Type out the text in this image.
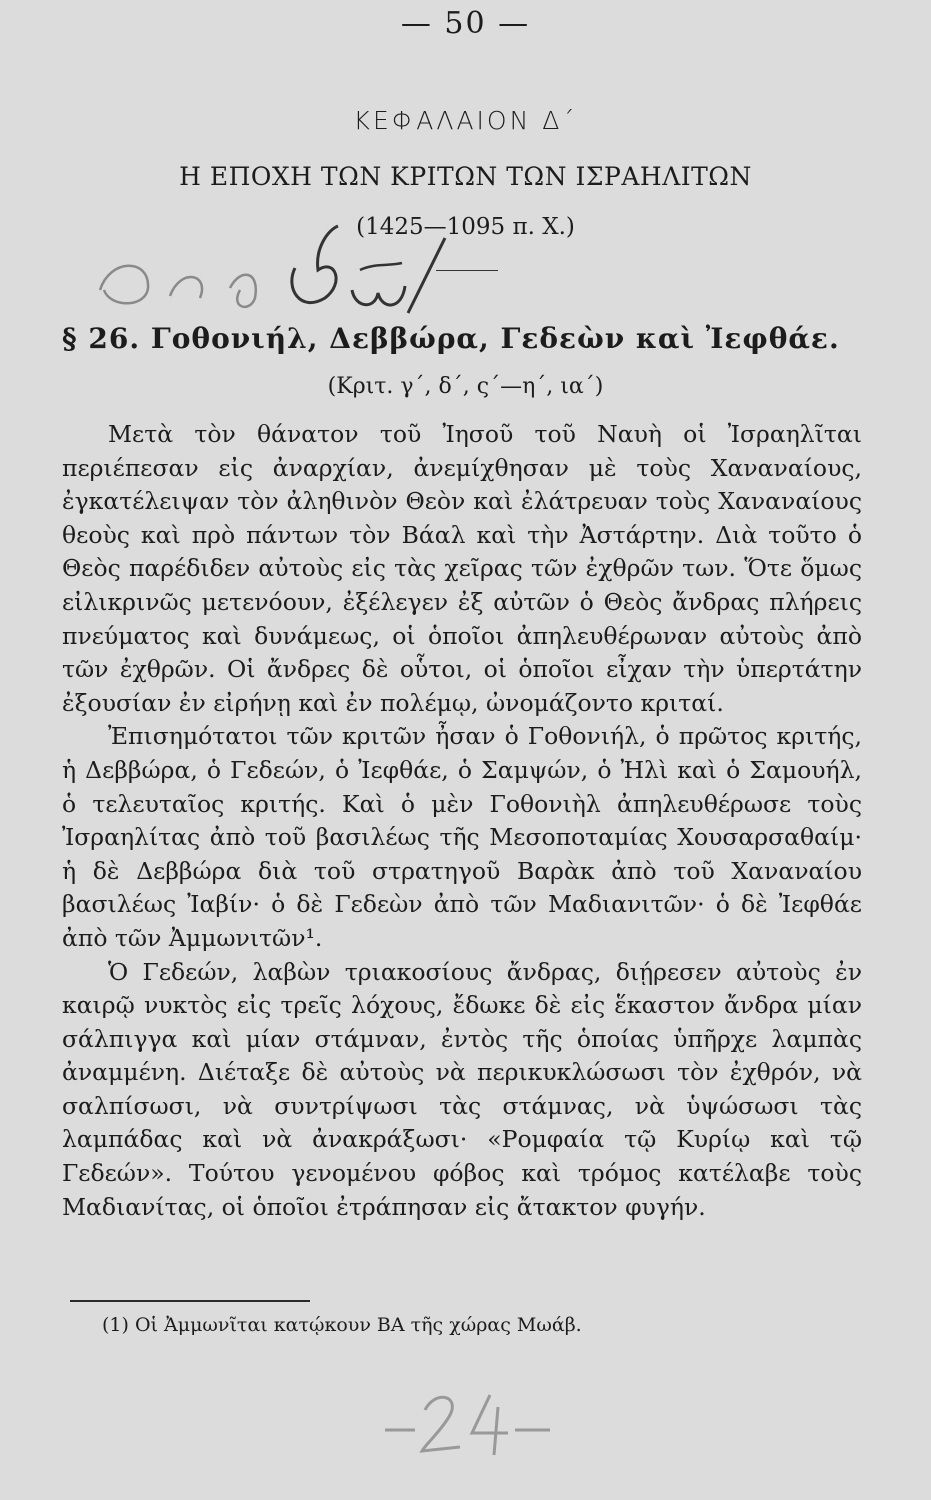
— 50 —
ΚΕΦΑΛΑΙΟΝ Δ΄
Η ΕΠΟΧΗ ΤΩΝ ΚΡΙΤΩΝ ΤΩΝ ΙΣΡΑΗΛΙΤΩΝ
(1425—1095 π. Χ.)
§ 26. Γοθονιήλ, Δεββώρα, Γεδεὼν καὶ Ἰεφθάε.
(Κριτ. γ΄, δ΄, ς΄—η΄, ια΄)

Μετὰ τὸν θάνατον τοῦ Ἰησοῦ τοῦ Ναυὴ οἱ Ἰσραηλῖται περιέπεσαν εἰς ἀναρχίαν, ἀνεμίχθησαν μὲ τοὺς Χαναναίους, ἐγκατέλειψαν τὸν ἀληθινὸν Θεὸν καὶ ἐλάτρευαν τοὺς Χαναναίους θεοὺς καὶ πρὸ πάντων τὸν Βάαλ καὶ τὴν Ἀστάρτην. Διὰ τοῦτο ὁ Θεὸς παρέδιδεν αὐτοὺς εἰς τὰς χεῖρας τῶν ἐχθρῶν των. Ὅτε ὅμως εἰλικρινῶς μετενόουν, ἐξέλεγεν ἐξ αὐτῶν ὁ Θεὸς ἄνδρας πλήρεις πνεύματος καὶ δυνάμεως, οἱ ὁποῖοι ἀπηλευθέρωναν αὐτοὺς ἀπὸ τῶν ἐχθρῶν. Οἱ ἄνδρες δὲ οὗτοι, οἱ ὁποῖοι εἶχαν τὴν ὑπερτάτην ἐξουσίαν ἐν εἰρήνῃ καὶ ἐν πολέμῳ, ὠνομάζοντο κριταί.

Ἐπισημότατοι τῶν κριτῶν ἦσαν ὁ Γοθονιήλ, ὁ πρῶτος κριτής, ἡ Δεββώρα, ὁ Γεδεών, ὁ Ἰεφθάε, ὁ Σαμψών, ὁ Ἠλὶ καὶ ὁ Σαμουήλ, ὁ τελευταῖος κριτής. Καὶ ὁ μὲν Γοθονιὴλ ἀπηλευθέρωσε τοὺς Ἰσραηλίτας ἀπὸ τοῦ βασιλέως τῆς Μεσοποταμίας Χουσαρσαθαίμ· ἡ δὲ Δεββώρα διὰ τοῦ στρατηγοῦ Βαρὰκ ἀπὸ τοῦ Χαναναίου βασιλέως Ἰαβίν· ὁ δὲ Γεδεὼν ἀπὸ τῶν Μαδιανιτῶν· ὁ δὲ Ἰεφθάε ἀπὸ τῶν Ἀμμωνιτῶν¹.

Ὁ Γεδεών, λαβὼν τριακοσίους ἄνδρας, διῄρεσεν αὐτοὺς ἐν καιρῷ νυκτὸς εἰς τρεῖς λόχους, ἔδωκε δὲ εἰς ἕκαστον ἄνδρα μίαν σάλπιγγα καὶ μίαν στάμναν, ἐντὸς τῆς ὁποίας ὑπῆρχε λαμπὰς ἀναμμένη. Διέταξε δὲ αὐτοὺς νὰ περικυκλώσωσι τὸν ἐχθρόν, νὰ σαλπίσωσι, νὰ συντρίψωσι τὰς στάμνας, νὰ ὑψώσωσι τὰς λαμπάδας καὶ νὰ ἀνακράξωσι· «Ρομφαία τῷ Κυρίῳ καὶ τῷ Γεδεών». Τούτου γενομένου φόβος καὶ τρόμος κατέλαβε τοὺς Μαδιανίτας, οἱ ὁποῖοι ἐτράπησαν εἰς ἄτακτον φυγήν.

(1) Οἱ Ἀμμωνῖται κατῴκουν ΒΑ τῆς χώρας Μωάβ.
